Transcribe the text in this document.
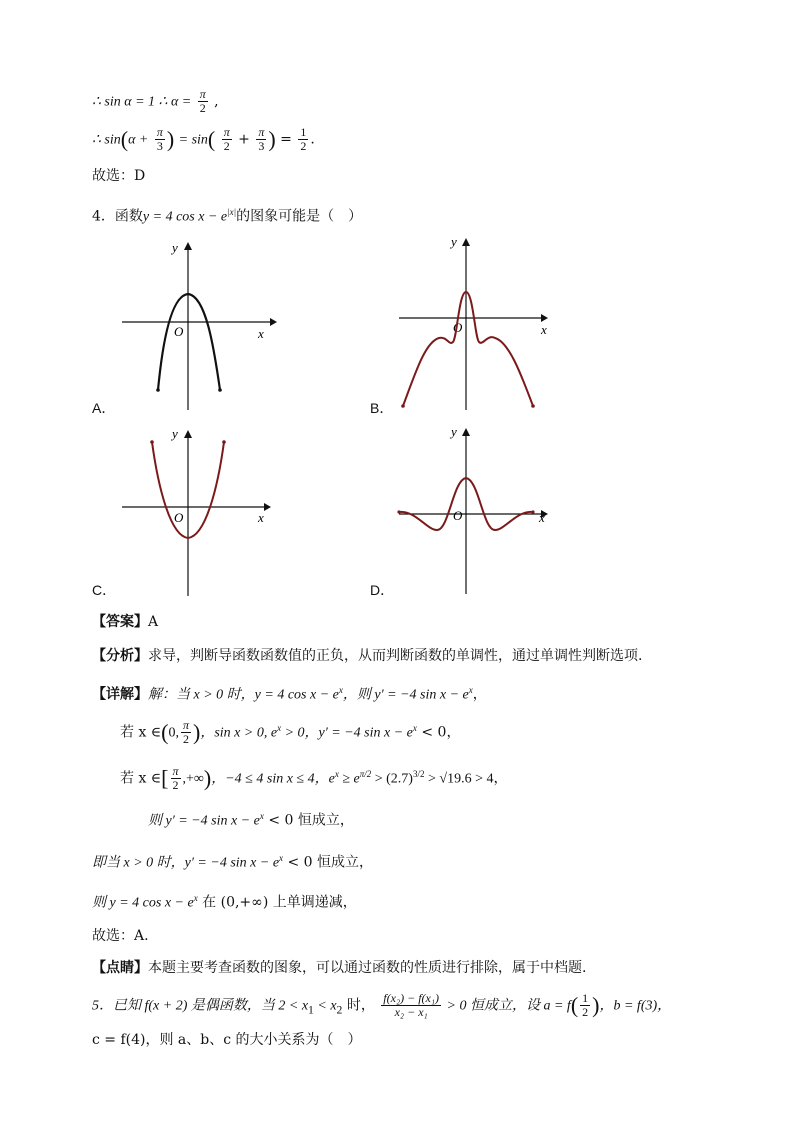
∴ sin α = 1 ∴ $\alpha = \frac{\pi}{2}$ ,
∴ $\sin(\alpha + \frac{\pi}{3}$ ) = $\sin( \frac{\pi}{2} + \frac{\pi}{3}$ ) = $\frac{1}{2}$ .
故选：D
4．函数y = 4 $\cos x - e^{|x|}$的图象可能是（　）
x
y
O
A．
x
y
O
B．
x
y
O
C．
x
y
O
D．
【答案】A
【分析】求导，判断导函数函数值的正负，从而判断函数的单调性，通过单调性判断选项.
【详解】解：当 x > 0 时，y = 4 $\cos x - e^x$，则 y′ = −4 $\sin x - e^x$，
若 x ∈(0, $\frac{\pi}{2}$ )，sin x > 0, $e^x > 0$，y′ = −4 $\sin x - e^x < 0$，
若 x ∈[ $\frac{\pi}{2}$ ,+∞)，−4 ≤ 4 sin x ≤ 4，$e^x \ge e^{\pi/2} > (2.7)^{3/2} > √19.6 > 4$，
则 y′ = −4 $\sin x - e^x < 0$ 恒成立，
即当 x > 0 时，y′ = −4 $\sin x - e^x < 0$ 恒成立，
则 y = 4 $\cos x - e^x$ 在 (0,+∞) 上单调递减，
故选：A.
【点睛】本题主要考查函数的图象，可以通过函数的性质进行排除，属于中档题.
5．已知 f(x + 2) 是偶函数，当 $2 < x_1 < x_2$ 时， $\frac{\text{f(x₂) − f(x₁)}}{\text{x₂ − x₁}} > 0$ 恒成立，设 $a = f( \frac{1}{2}$ )，b = f(3)，
c = f(4)，则 a、b、c 的大小关系为（　）
